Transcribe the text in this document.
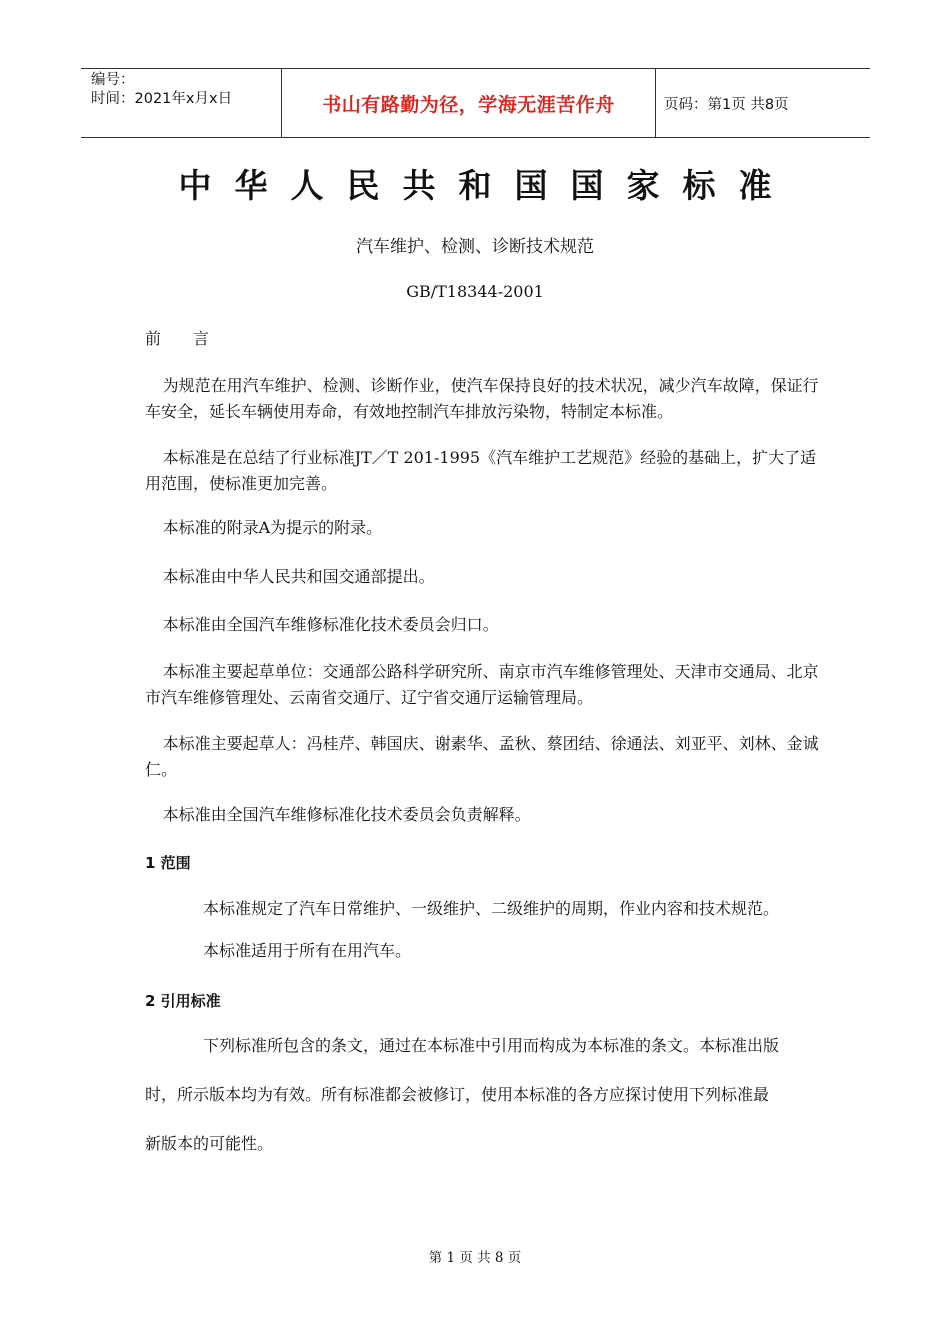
编号：
时间：2021年x月x日	书山有路勤为径，学海无涯苦作舟	页码：第1页 共8页
中华人民共和国国家标准
汽车维护、检测、诊断技术规范
GB/T18344-2001
前　　言
为规范在用汽车维护、检测、诊断作业，使汽车保持良好的技术状况，减少汽车故障，保证行车安全，延长车辆使用寿命，有效地控制汽车排放污染物，特制定本标准。
本标准是在总结了行业标准JT／T 201-1995《汽车维护工艺规范》经验的基础上，扩大了适用范围，使标准更加完善。
本标准的附录A为提示的附录。
本标准由中华人民共和国交通部提出。
本标准由全国汽车维修标准化技术委员会归口。
本标准主要起草单位：交通部公路科学研究所、南京市汽车维修管理处、天津市交通局、北京市汽车维修管理处、云南省交通厅、辽宁省交通厅运输管理局。
本标准主要起草人：冯桂芹、韩国庆、谢素华、孟秋、蔡团结、徐通法、刘亚平、刘林、金诚仁。
本标准由全国汽车维修标准化技术委员会负责解释。
1 范围
本标准规定了汽车日常维护、一级维护、二级维护的周期，作业内容和技术规范。
本标准适用于所有在用汽车。
2 引用标准
下列标准所包含的条文，通过在本标准中引用而构成为本标准的条文。本标准出版
时，所示版本均为有效。所有标准都会被修订，使用本标准的各方应探讨使用下列标准最
新版本的可能性。
第 1 页 共 8 页
